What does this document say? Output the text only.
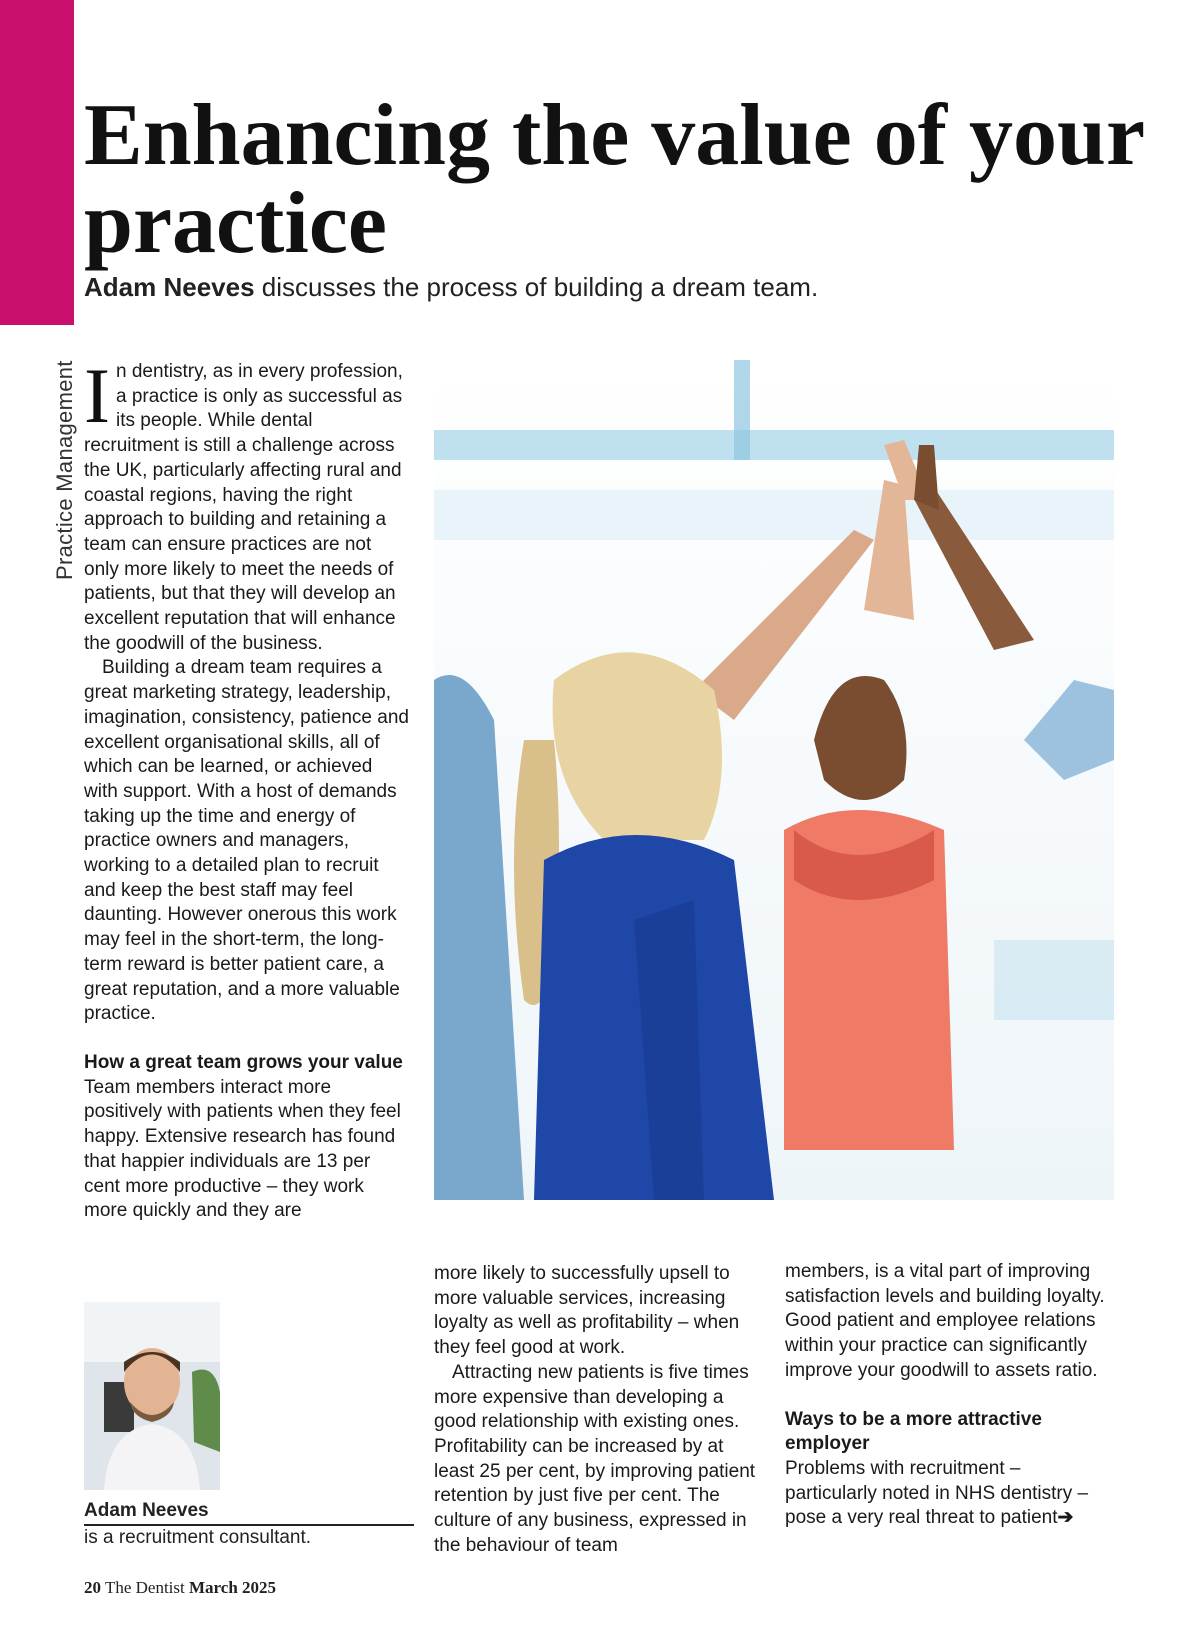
Practice Management
Enhancing the value of your practice
Adam Neeves discusses the process of building a dream team.

In dentistry, as in every profession, a practice is only as successful as its people. While dental recruitment is still a challenge across the UK, particularly affecting rural and coastal regions, having the right approach to building and retaining a team can ensure practices are not only more likely to meet the needs of patients, but that they will develop an excellent reputation that will enhance the goodwill of the business.

Building a dream team requires a great marketing strategy, leadership, imagination, consistency, patience and excellent organisational skills, all of which can be learned, or achieved with support. With a host of demands taking up the time and energy of practice owners and managers, working to a detailed plan to recruit and keep the best staff may feel daunting. However onerous this work may feel in the short-term, the long-term reward is better patient care, a great reputation, and a more valuable practice.

How a great team grows your value

Team members interact more positively with patients when they feel happy. Extensive research has found that happier individuals are 13 per cent more productive – they work more quickly and they are

Adam Neeves
is a recruitment consultant.

more likely to successfully upsell to more valuable services, increasing loyalty as well as profitability – when they feel good at work.

Attracting new patients is five times more expensive than developing a good relationship with existing ones. Profitability can be increased by at least 25 per cent, by improving patient retention by just five per cent. The culture of any business, expressed in the behaviour of team

members, is a vital part of improving satisfaction levels and building loyalty. Good patient and employee relations within your practice can significantly improve your goodwill to assets ratio.

Ways to be a more attractive employer

Problems with recruitment – particularly noted in NHS dentistry – pose a very real threat to patient➔

20 The Dentist March 2025
